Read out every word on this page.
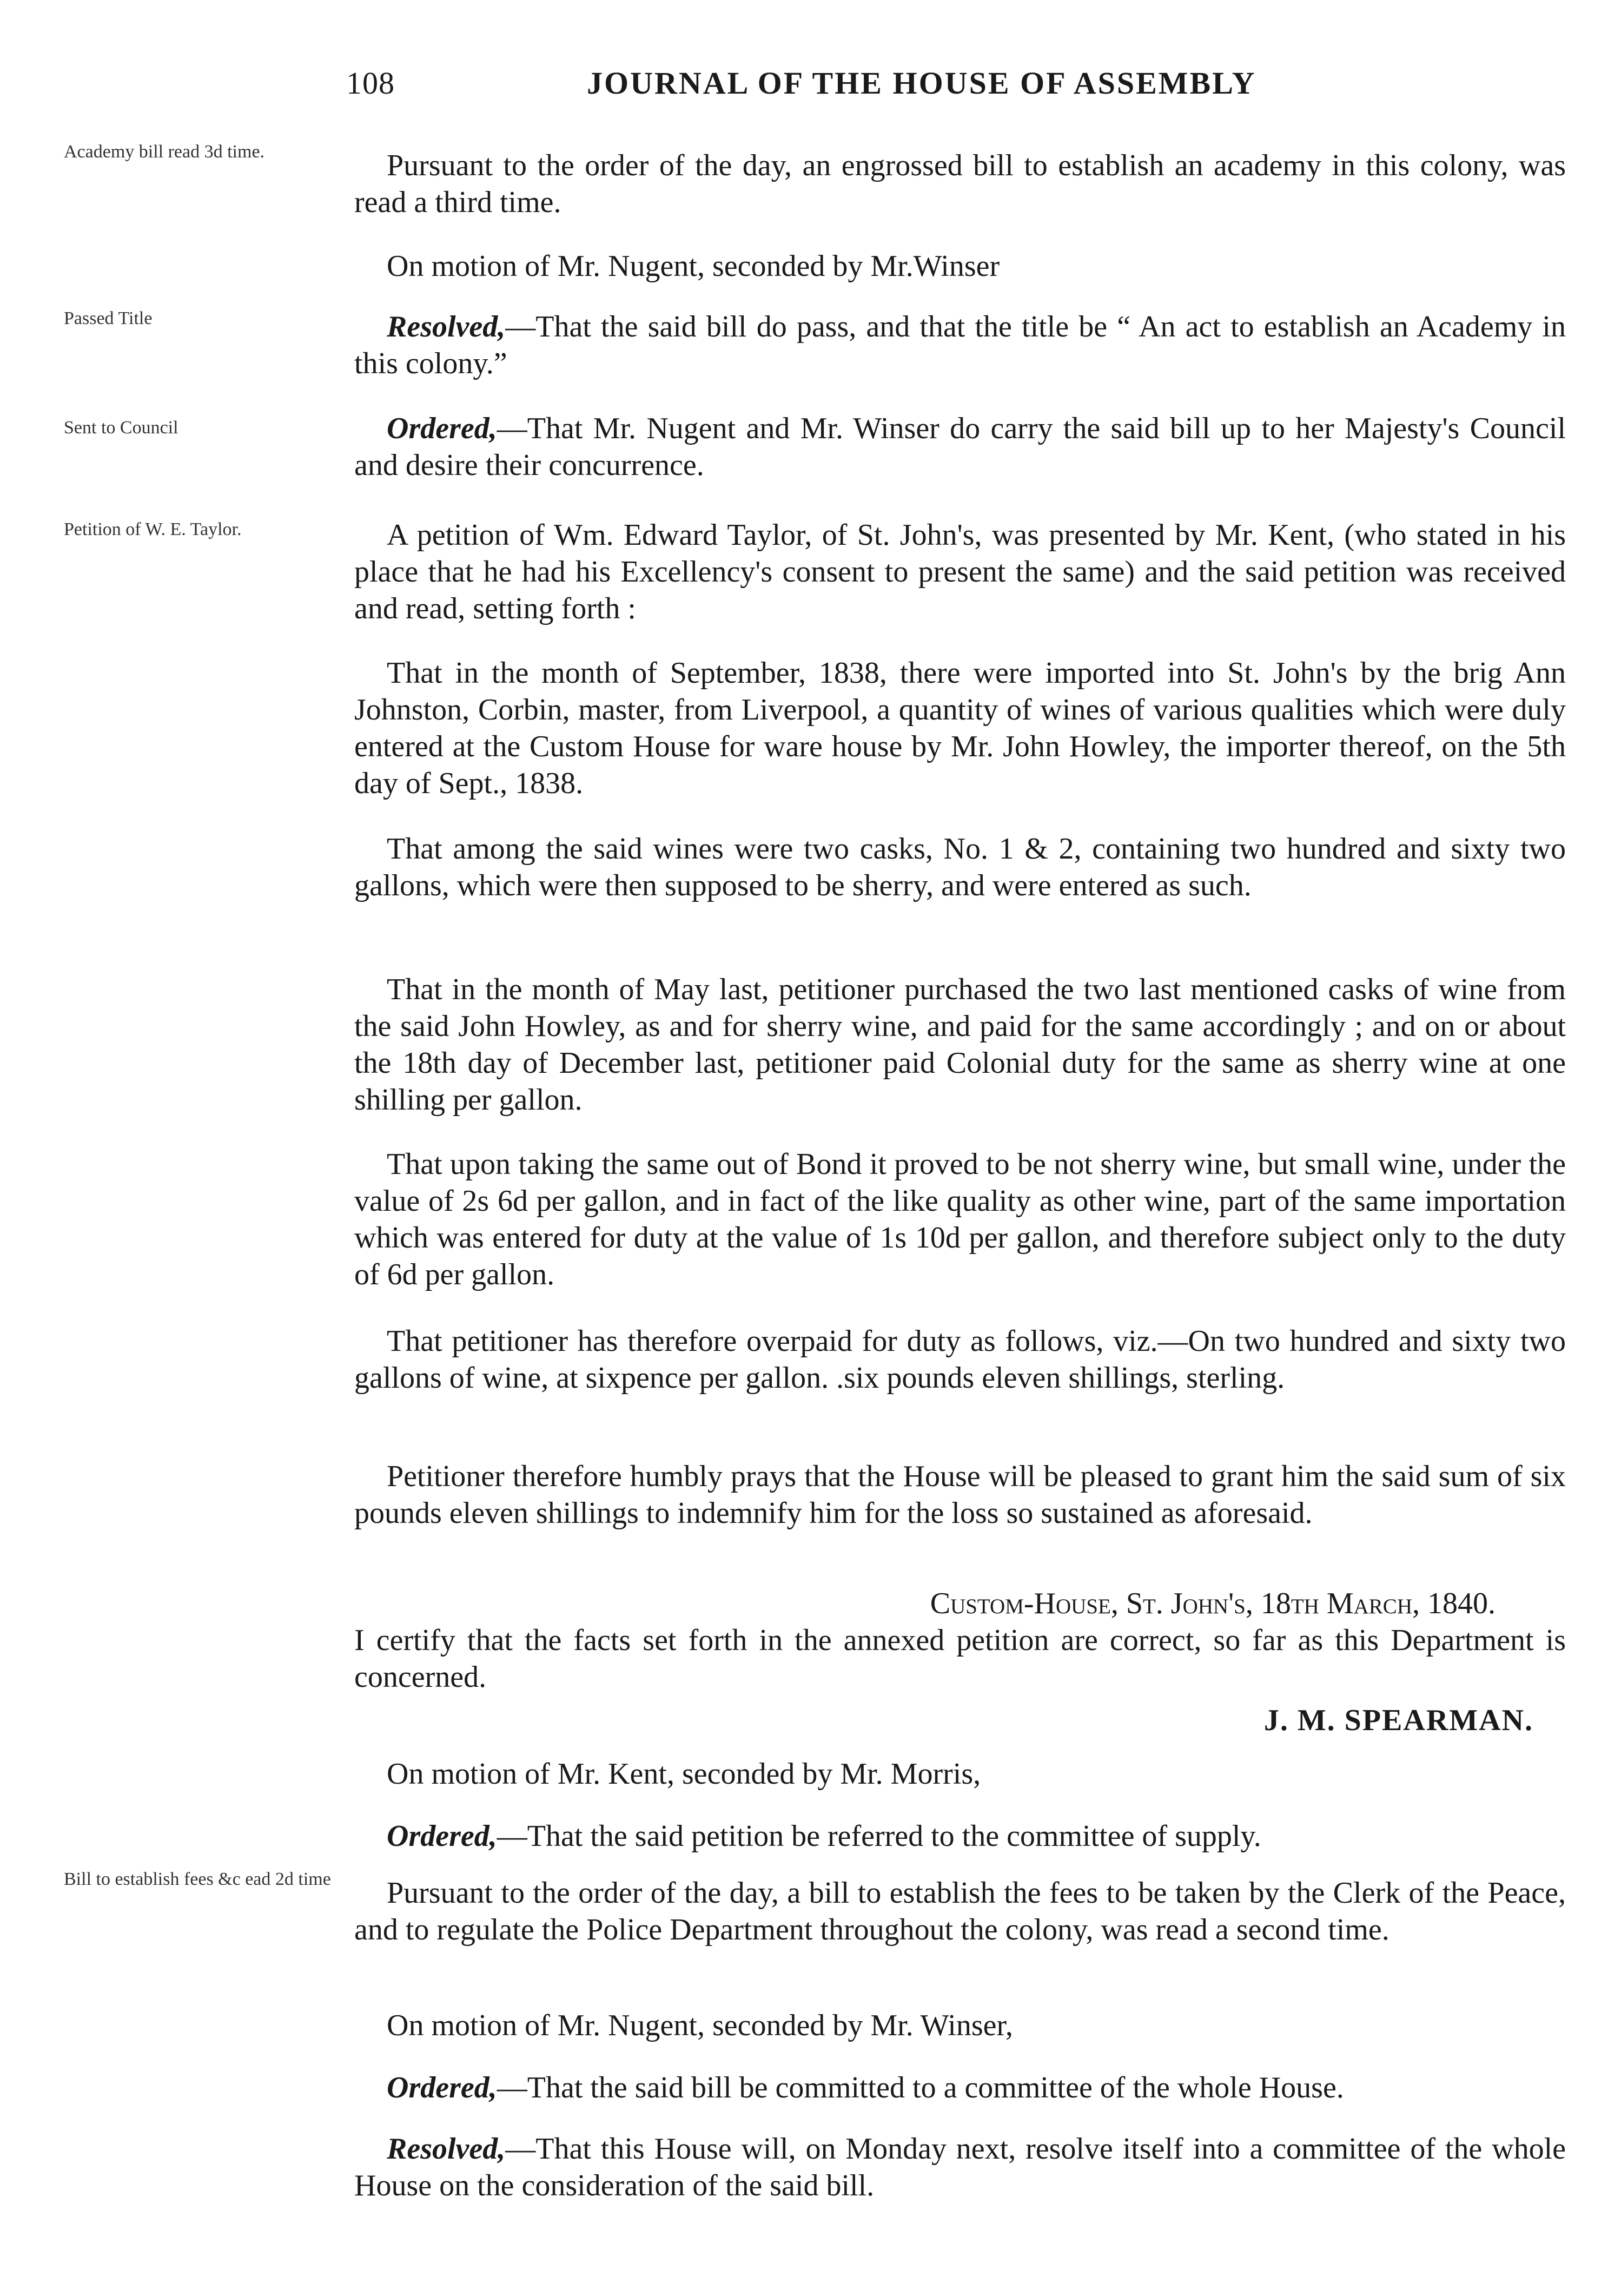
108	JOURNAL OF THE HOUSE OF ASSEMBLY
Academy bill read 3d time.
Passed Title
Sent to Council
Petition of W. E. Taylor.
Bill to establish fees &c ead 2d time

Pursuant to the order of the day, an engrossed bill to establish an academy in this colony, was read a third time.

On motion of Mr. Nugent, seconded by Mr.Winser

Resolved,—That the said bill do pass, and that the title be “ An act to establish an Academy in this colony.”

Ordered,—That Mr. Nugent and Mr. Winser do carry the said bill up to her Majesty's Council and desire their concurrence.

A petition of Wm. Edward Taylor, of St. John's, was presented by Mr. Kent, (who stated in his place that he had his Excellency's consent to present the same) and the said petition was received and read, setting forth :

That in the month of September, 1838, there were imported into St. John's by the brig Ann Johnston, Corbin, master, from Liverpool, a quantity of wines of various qualities which were duly entered at the Custom House for ware house by Mr. John Howley, the importer thereof, on the 5th day of Sept., 1838.

That among the said wines were two casks, No. 1 & 2, containing two hundred and sixty two gallons, which were then supposed to be sherry, and were entered as such.

That in the month of May last, petitioner purchased the two last mentioned casks of wine from the said John Howley, as and for sherry wine, and paid for the same accordingly ; and on or about the 18th day of December last, petitioner paid Colonial duty for the same as sherry wine at one shilling per gallon.

That upon taking the same out of Bond it proved to be not sherry wine, but small wine, under the value of 2s 6d per gallon, and in fact of the like quality as other wine, part of the same importation which was entered for duty at the value of 1s 10d per gallon, and therefore subject only to the duty of 6d per gallon.

That petitioner has therefore overpaid for duty as follows, viz.—On two hundred and sixty two gallons of wine, at sixpence per gallon. .six pounds eleven shillings, sterling.

Petitioner therefore humbly prays that the House will be pleased to grant him the said sum of six pounds eleven shillings to indemnify him for the loss so sustained as aforesaid.

Custom-House, St. John's, 18th March, 1840.

I certify that the facts set forth in the annexed petition are correct, so far as this Department is concerned.

J. M. SPEARMAN.

On motion of Mr. Kent, seconded by Mr. Morris,

Ordered,—That the said petition be referred to the committee of supply.

Pursuant to the order of the day, a bill to establish the fees to be taken by the Clerk of the Peace, and to regulate the Police Department throughout the colony, was read a second time.

On motion of Mr. Nugent, seconded by Mr. Winser,

Ordered,—That the said bill be committed to a committee of the whole House.

Resolved,—That this House will, on Monday next, resolve itself into a committee of the whole House on the consideration of the said bill.
